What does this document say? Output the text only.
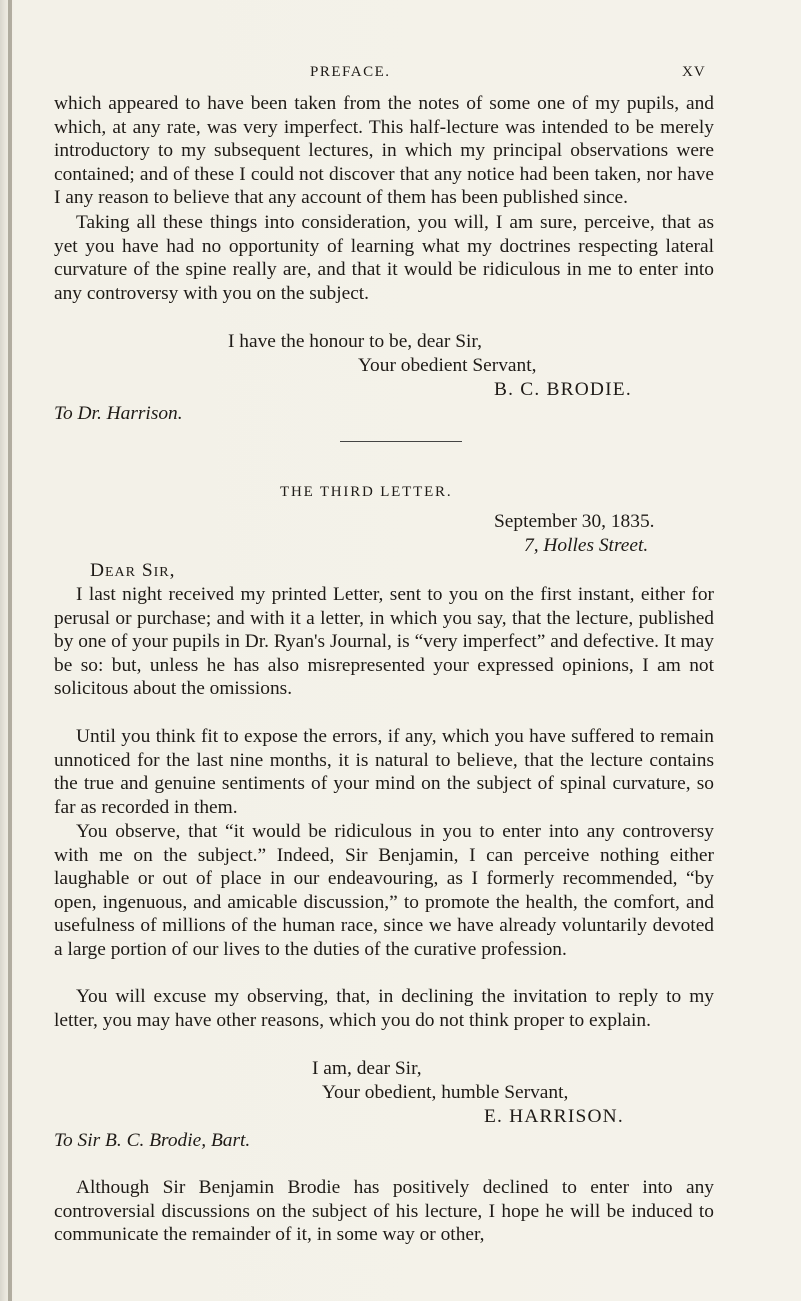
PREFACE.	XV

which appeared to have been taken from the notes of some one of my pupils, and which, at any rate, was very imperfect. This half-lecture was intended to be merely introductory to my subsequent lectures, in which my principal observations were contained; and of these I could not discover that any notice had been taken, nor have I any reason to believe that any account of them has been published since.

Taking all these things into consideration, you will, I am sure, perceive, that as yet you have had no opportunity of learning what my doctrines respecting lateral curvature of the spine really are, and that it would be ridiculous in me to enter into any controversy with you on the subject.

I have the honour to be, dear Sir,

Your obedient Servant,

B. C. BRODIE.

To Dr. Harrison.

THE THIRD LETTER.

September 30, 1835.

7, Holles Street.

Dear Sir,

I last night received my printed Letter, sent to you on the first instant, either for perusal or purchase; and with it a letter, in which you say, that the lecture, published by one of your pupils in Dr. Ryan's Journal, is “very imperfect” and defective. It may be so: but, unless he has also misrepresented your expressed opinions, I am not solicitous about the omissions.

Until you think fit to expose the errors, if any, which you have suffered to remain unnoticed for the last nine months, it is natural to believe, that the lecture contains the true and genuine sentiments of your mind on the subject of spinal curvature, so far as recorded in them.

You observe, that “it would be ridiculous in you to enter into any controversy with me on the subject.” Indeed, Sir Benjamin, I can perceive nothing either laughable or out of place in our endeavouring, as I formerly recommended, “by open, ingenuous, and amicable discussion,” to promote the health, the comfort, and usefulness of millions of the human race, since we have already voluntarily devoted a large portion of our lives to the duties of the curative profession.

You will excuse my observing, that, in declining the invitation to reply to my letter, you may have other reasons, which you do not think proper to explain.

I am, dear Sir,

Your obedient, humble Servant,

E. HARRISON.

To Sir B. C. Brodie, Bart.

Although Sir Benjamin Brodie has positively declined to enter into any controversial discussions on the subject of his lecture, I hope he will be induced to communicate the remainder of it, in some way or other,
